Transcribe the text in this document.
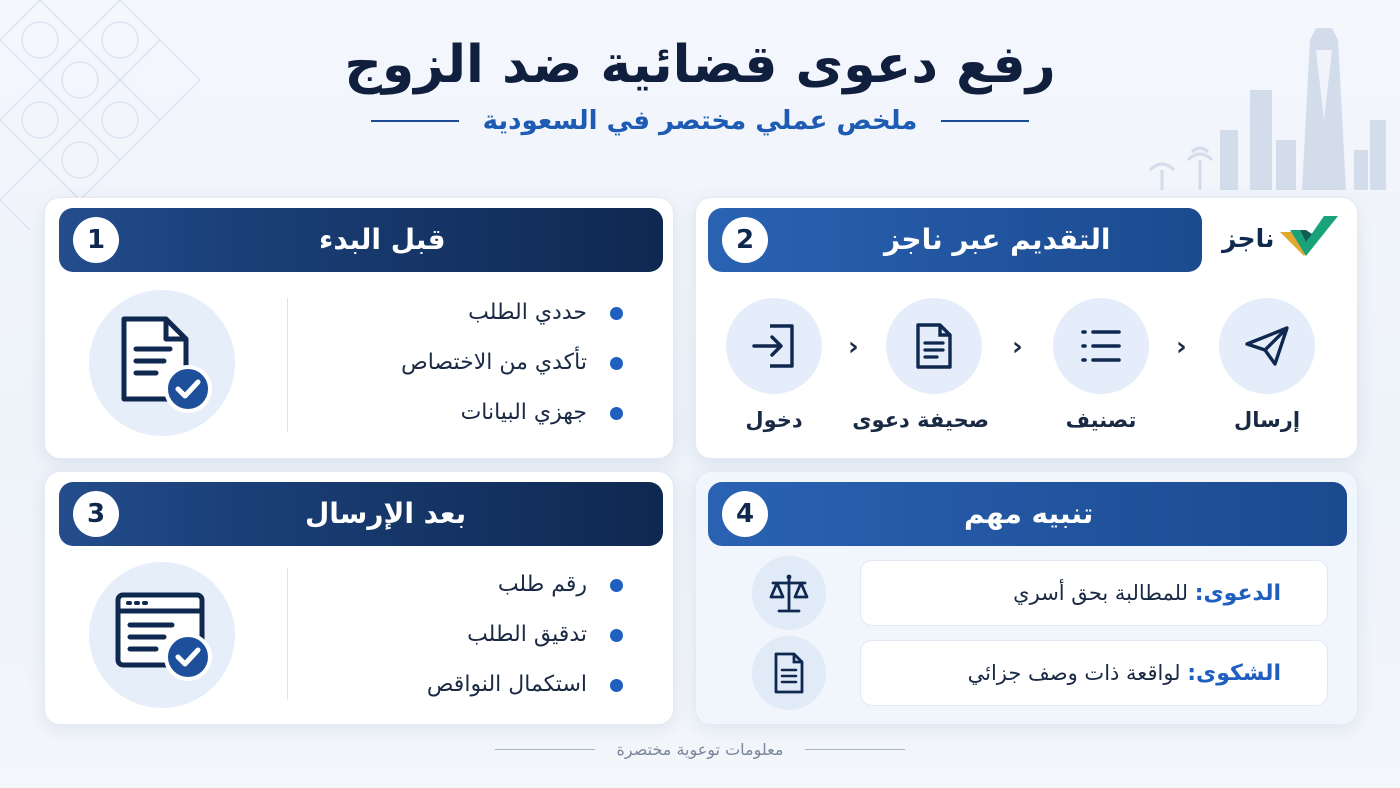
رفع دعوى قضائية ضد الزوج
ملخص عملي مختصر في السعودية
قبل البدء
1
حددي الطلب
تأكدي من الاختصاص
جهزي البيانات
التقديم عبر ناجز
2	ناجز
إرسال
‹
تصنيف
‹
صحيفة دعوى
‹
دخول
بعد الإرسال
3
رقم طلب
تدقيق الطلب
استكمال النواقص
تنبيه مهم
4
الدعوى: للمطالبة بحق أسري
الشكوى: لواقعة ذات وصف جزائي
معلومات توعوية مختصرة
